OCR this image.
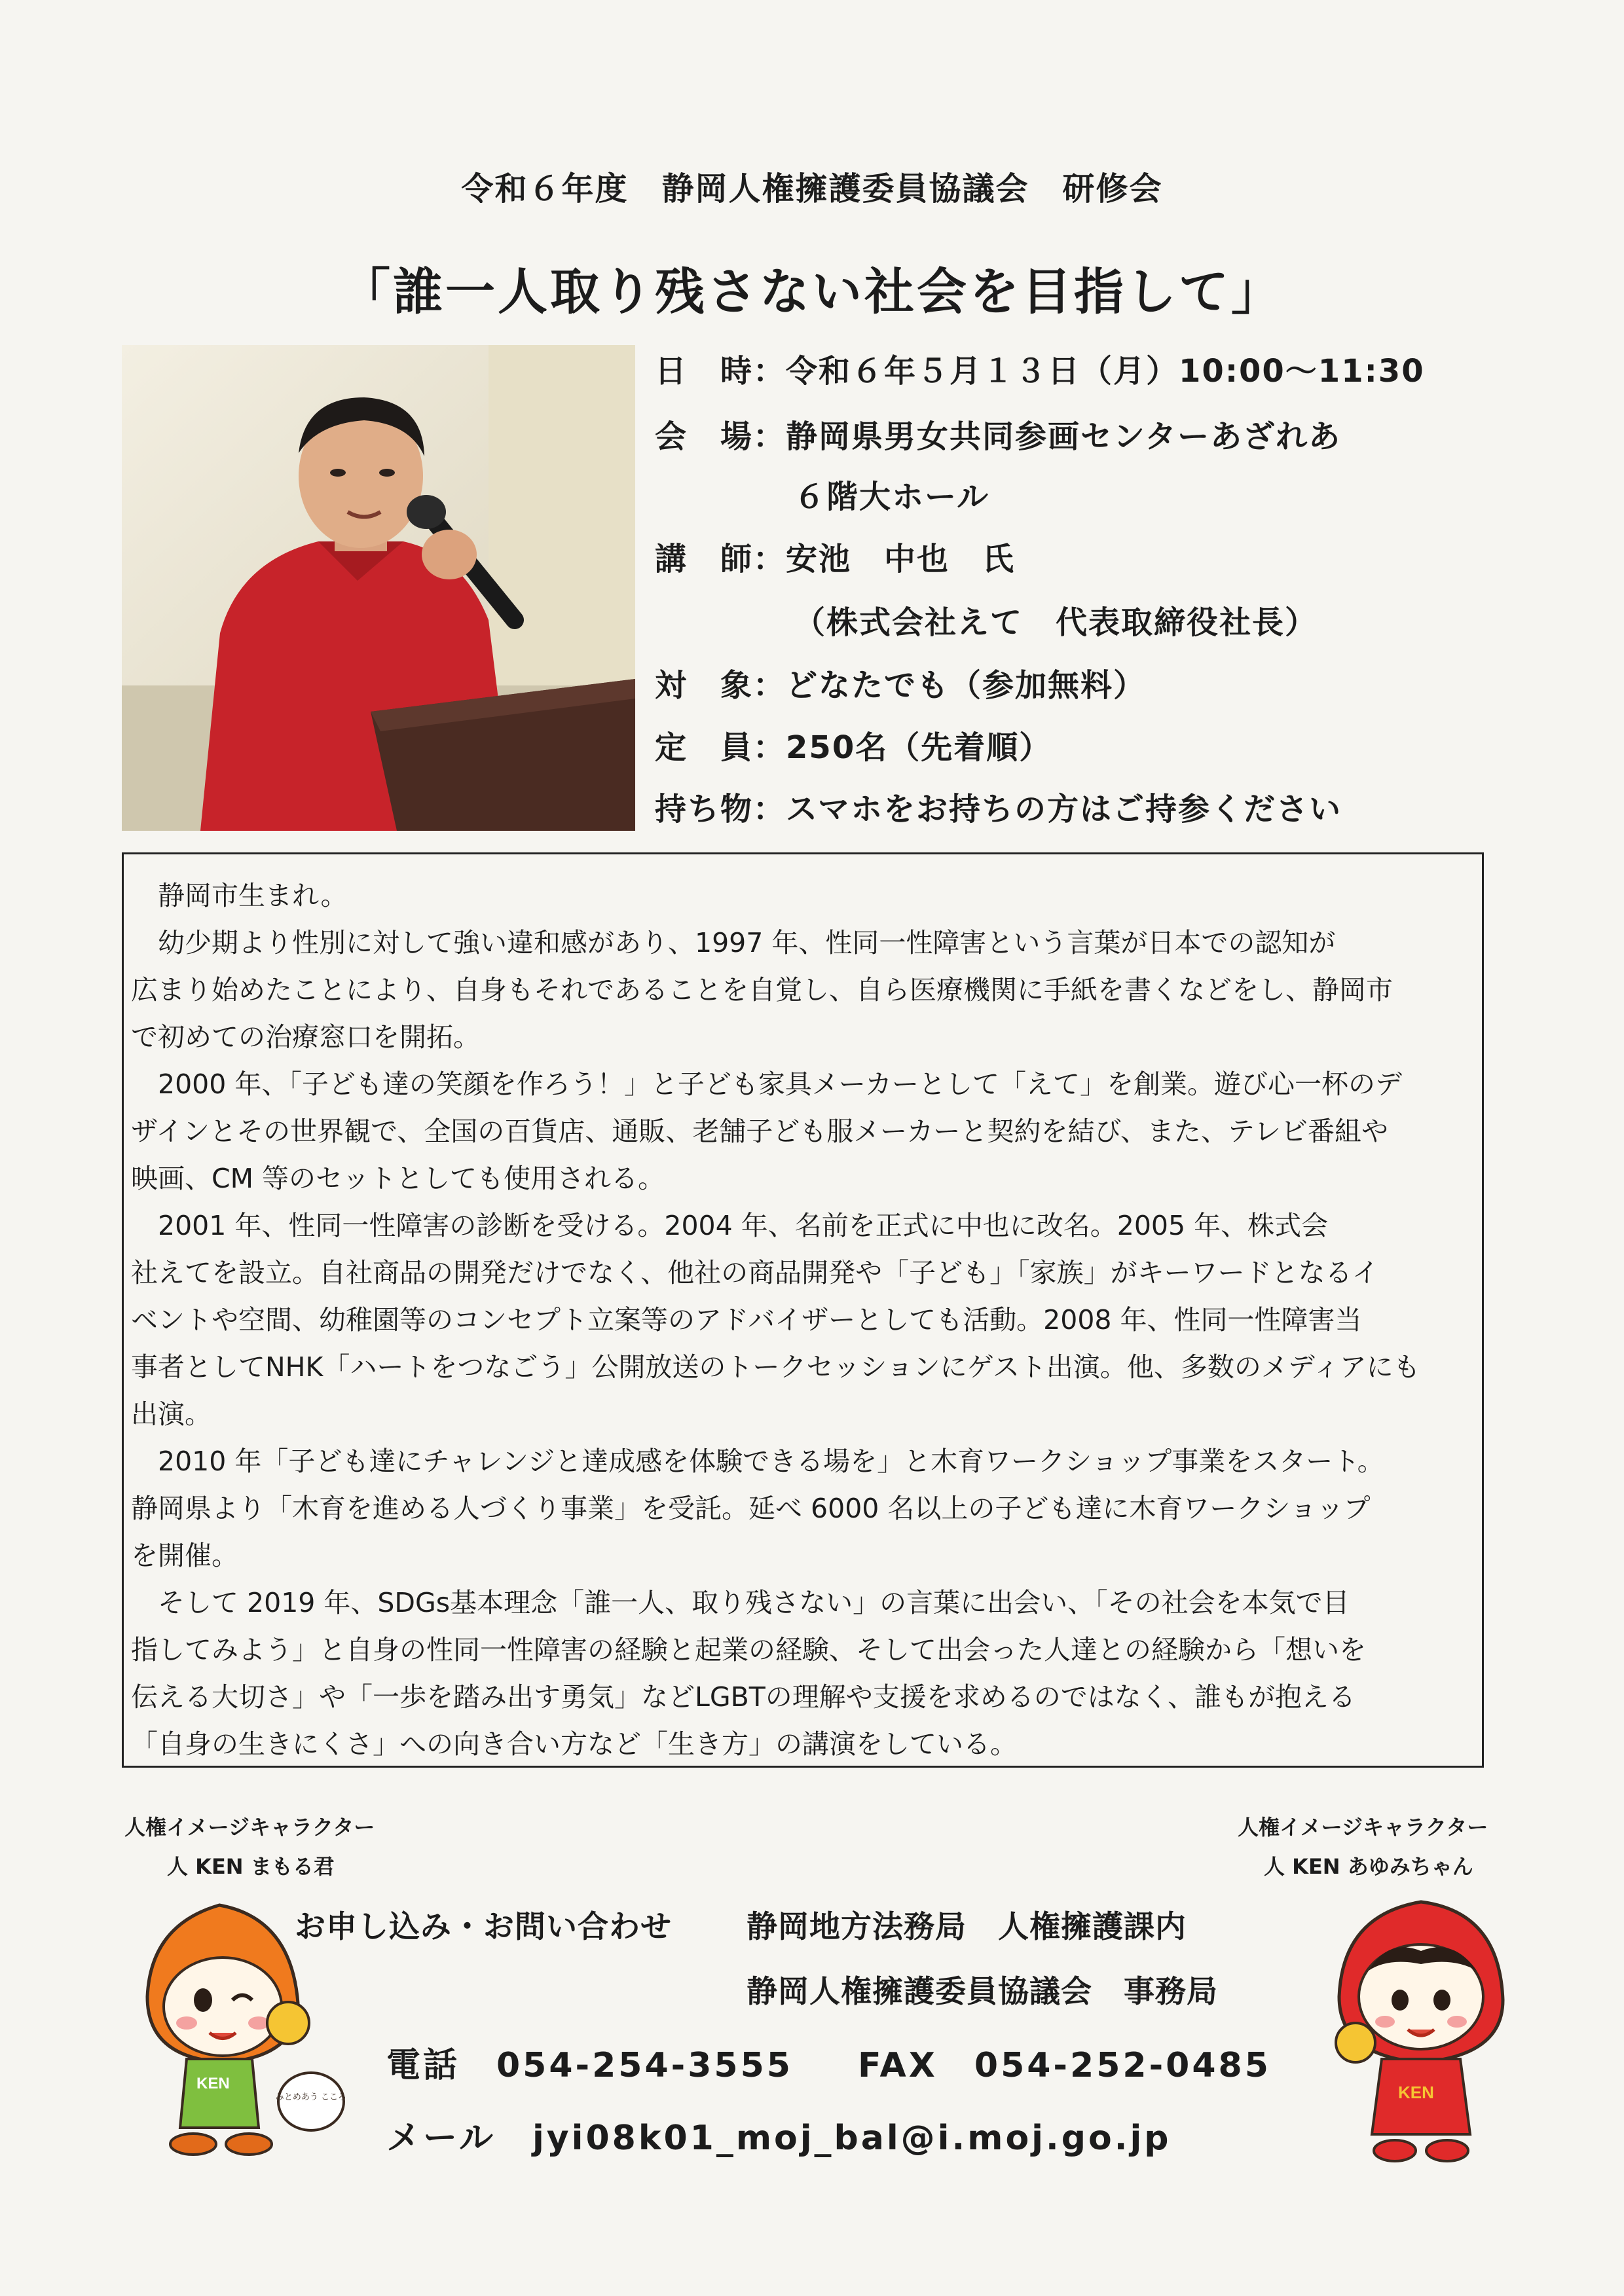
令和６年度　静岡人権擁護委員協議会　研修会
「誰一人取り残さない社会を目指して」
日　時：令和６年５月１３日（月）10:00～11:30
会　場：静岡県男女共同参画センターあざれあ
６階大ホール
講　師：安池　中也　氏
（株式会社えて　代表取締役社長）
対　象：どなたでも（参加無料）
定　員：250名（先着順）
持ち物：スマホをお持ちの方はご持参ください
　静岡市生まれ。
　幼少期より性別に対して強い違和感があり、1997 年、性同一性障害という言葉が日本での認知が
広まり始めたことにより、自身もそれであることを自覚し、自ら医療機関に手紙を書くなどをし、静岡市
で初めての治療窓口を開拓。
　2000 年、「子ども達の笑顔を作ろう！」と子ども家具メーカーとして「えて」を創業。遊び心一杯のデ
ザインとその世界観で、全国の百貨店、通販、老舗子ども服メーカーと契約を結び、また、テレビ番組や
映画、CM 等のセットとしても使用される。
　2001 年、性同一性障害の診断を受ける。2004 年、名前を正式に中也に改名。2005 年、株式会
社えてを設立。自社商品の開発だけでなく、他社の商品開発や「子ども」「家族」がキーワードとなるイ
ベントや空間、幼稚園等のコンセプト立案等のアドバイザーとしても活動。2008 年、性同一性障害当
事者としてNHK「ハートをつなごう」公開放送のトークセッションにゲスト出演。他、多数のメディアにも
出演。
　2010 年「子ども達にチャレンジと達成感を体験できる場を」と木育ワークショップ事業をスタート。
静岡県より「木育を進める人づくり事業」を受託。延べ 6000 名以上の子ども達に木育ワークショップ
を開催。
　そして 2019 年、SDGs基本理念「誰一人、取り残さない」の言葉に出会い、「その社会を本気で目
指してみよう」と自身の性同一性障害の経験と起業の経験、そして出会った人達との経験から「想いを
伝える大切さ」や「一歩を踏み出す勇気」などLGBTの理解や支援を求めるのではなく、誰もが抱える
「自身の生きにくさ」への向き合い方など「生き方」の講演をしている。
人権イメージキャラクター
人 KEN まもる君
人権イメージキャラクター
人 KEN あゆみちゃん
お申し込み・お問い合わせ 静岡地方法務局　人権擁護課内
静岡人権擁護委員協議会　事務局
電話　054-254-3555 FAX　054-252-0485
メール　jyi08k01_moj_bal@i.moj.go.jp
KEN
みとめあう こころ	KEN
